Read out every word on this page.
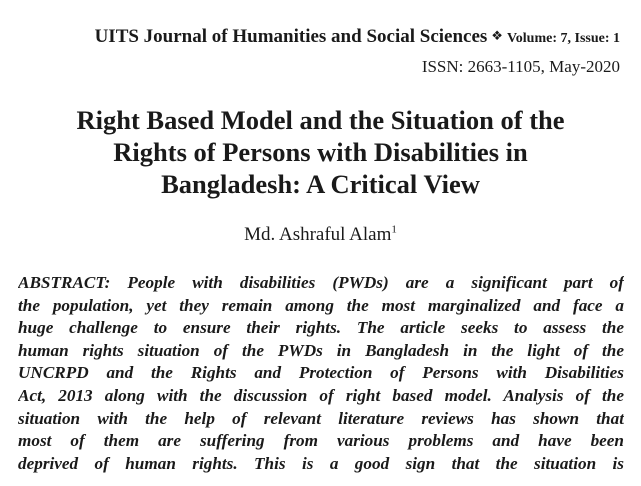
UITS Journal of Humanities and Social Sciences ❖ Volume: 7, Issue: 1
ISSN: 2663-1105, May-2020
Right Based Model and the Situation of the
Rights of Persons with Disabilities in
Bangladesh: A Critical View
Md. Ashraful Alam$^1$
ABSTRACT: People with disabilities (PWDs) are a significant part of
the population, yet they remain among the most marginalized and face a
huge challenge to ensure their rights. The article seeks to assess the
human rights situation of the PWDs in Bangladesh in the light of the
UNCRPD and the Rights and Protection of Persons with Disabilities
Act, 2013 along with the discussion of right based model. Analysis of the
situation with the help of relevant literature reviews has shown that
most of them are suffering from various problems and have been
deprived of human rights. This is a good sign that the situation is
